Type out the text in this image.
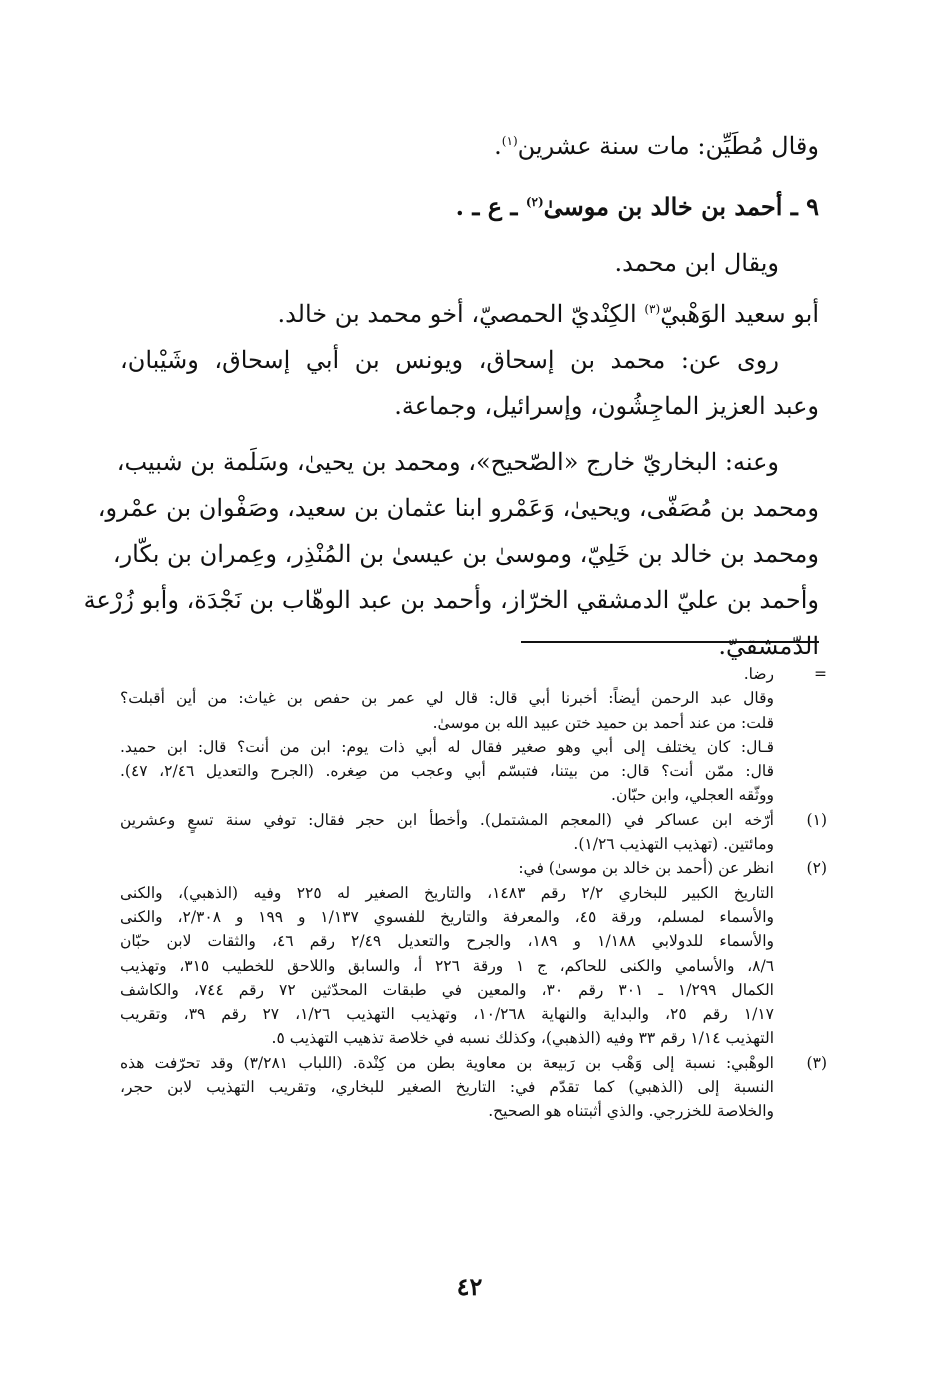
وقال مُطَيِّن: مات سنة عشرين$^{(١)}$.
٩ ـ أحمد بن خالد بن موسىٰ$^{(٢)}$ ـ ع ـ .
ويقال ابن محمد.
أبو سعيد الوَهْبيّ$^{(٣)}$ الكِنْديّ الحمصيّ، أخو محمد بن خالد.
روى عن: محمد بن إسحاق، ويونس بن أبي إسحاق، وشَيْبان،
وعبد العزيز الماجِشُون، وإسرائيل، وجماعة.
وعنه: البخاريّ خارج «الصّحيح»، ومحمد بن يحيىٰ، وسَلَمة بن شبيب،
ومحمد بن مُصَفّى، ويحيىٰ، وَعَمْرو ابنا عثمان بن سعيد، وصَفْوان بن عمْرو،
ومحمد بن خالد بن خَلِيّ، وموسىٰ بن عيسىٰ بن المُنْذِر، وعِمران بن بكّار،
وأحمد بن عليّ الدمشقي الخرّاز، وأحمد بن عبد الوهّاب بن نَجْدَة، وأبو زُرْعة
الدّمشقيّ.
=
رضا.
وقال عبد الرحمن أيضاً: أخبرنا أبي قال: قال لي عمر بن حفص بن غياث: من أين أقبلت؟
قلت: من عند أحمد بن حميد ختن عبيد الله بن موسىٰ.
قـال: كان يختلف إلى أبي وهو صغير فقال له أبي ذات يوم: ابن من أنت؟ قال: ابن حميد.
قال: ممّن أنت؟ قال: من بيتنا، فتبسّم أبي وعجب من صِغره. (الجرح والتعديل ٢/٤٦، ٤٧).
ووثّقه العجلي، وابن حبّان.
(١)
أرّخه ابن عساكر في (المعجم المشتمل). وأخطأ ابن حجر فقال: توفي سنة تسعٍ وعشرين
ومائتين. (تهذيب التهذيب ١/٢٦).
(٢)
انظر عن (أحمد بن خالد بن موسىٰ) في:
التاريخ الكبير للبخاري ٢/٢ رقم ١٤٨٣، والتاريخ الصغير له ٢٢٥ وفيه (الذهبي)، والكنى
والأسماء لمسلم، ورقة ٤٥، والمعرفة والتاريخ للفسوي ١/١٣٧ و ١٩٩ و ٢/٣٠٨، والكنى
والأسماء للدولابي ١/١٨٨ و ١٨٩، والجرح والتعديل ٢/٤٩ رقم ٤٦، والثقات لابن حبّان
٨/٦، والأسامي والكنى للحاكم، ج ١ ورقة ٢٢٦ أ، والسابق واللاحق للخطيب ٣١٥، وتهذيب
الكمال ١/٢٩٩ ـ ٣٠١ رقم ٣٠، والمعين في طبقات المحدّثين ٧٢ رقم ٧٤٤، والكاشف
١/١٧ رقم ٢٥، والبداية والنهاية ١٠/٢٦٨، وتهذيب التهذيب ١/٢٦، ٢٧ رقم ٣٩، وتقريب
التهذيب ١/١٤ رقم ٣٣ وفيه (الذهبي)، وكذلك نسبه في خلاصة تذهيب التهذيب ٥.
(٣)
الوهْبي: نسبة إلى وَهْب بن رَبيعة بن معاوية بطن من كِنْدة. (اللباب ٣/٢٨١) وقد تحرّفت هذه
النسبة إلى (الذهبي) كما تقدّم في: التاريخ الصغير للبخاري، وتقريب التهذيب لابن حجر،
والخلاصة للخزرجي. والذي أثبتناه هو الصحيح.
٤٢
